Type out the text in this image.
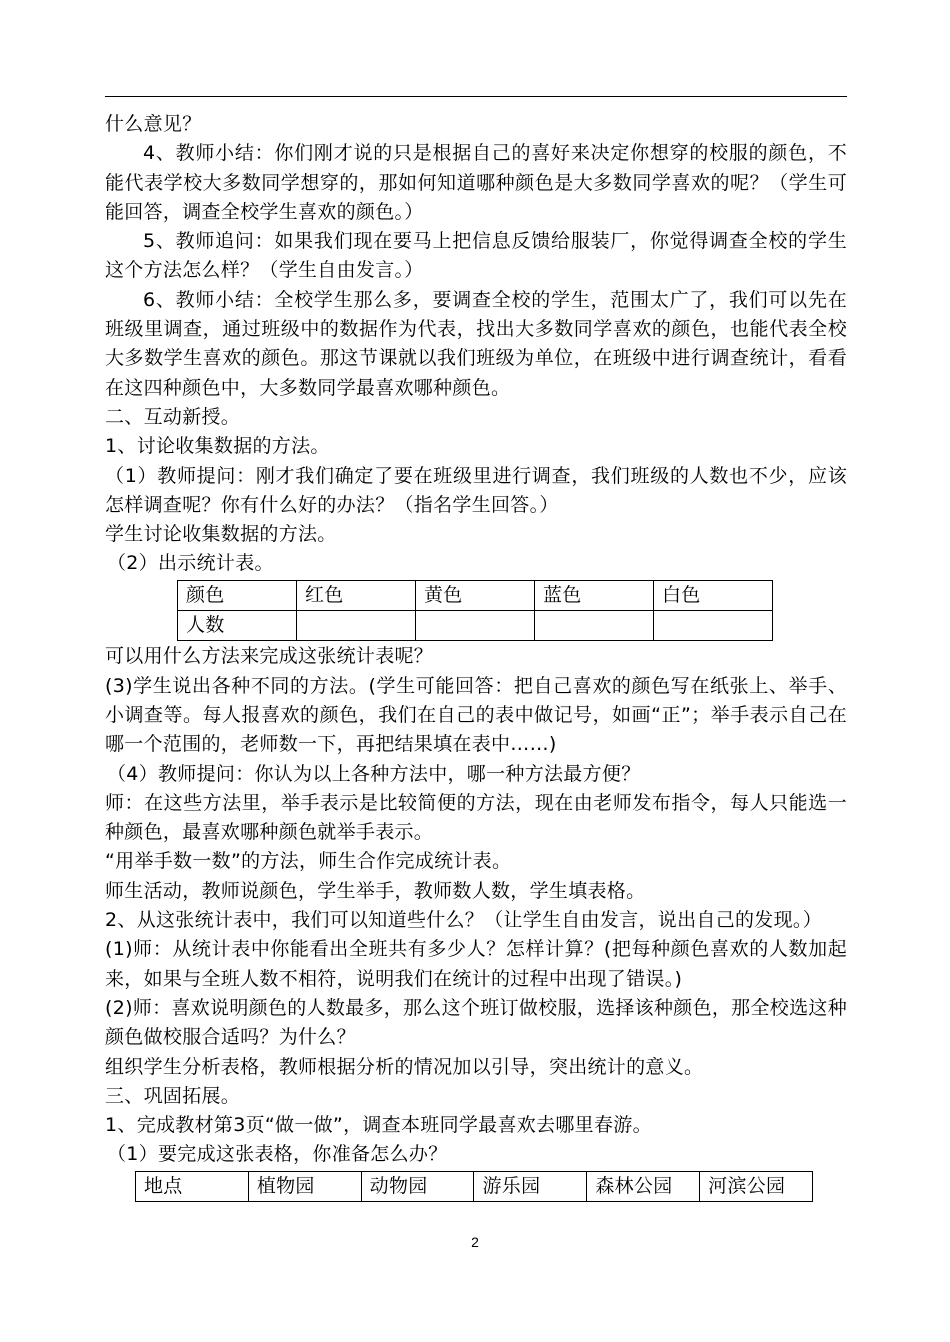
什么意见？

4、教师小结：你们刚才说的只是根据自己的喜好来决定你想穿的校服的颜色，不能代表学校大多数同学想穿的，那如何知道哪种颜色是大多数同学喜欢的呢？（学生可能回答，调查全校学生喜欢的颜色。）

5、教师追问：如果我们现在要马上把信息反馈给服装厂，你觉得调查全校的学生这个方法怎么样？（学生自由发言。）

6、教师小结：全校学生那么多，要调查全校的学生，范围太广了，我们可以先在班级里调查，通过班级中的数据作为代表，找出大多数同学喜欢的颜色，也能代表全校大多数学生喜欢的颜色。那这节课就以我们班级为单位，在班级中进行调查统计，看看在这四种颜色中，大多数同学最喜欢哪种颜色。

二、互动新授。

1、讨论收集数据的方法。

（1）教师提问：刚才我们确定了要在班级里进行调查，我们班级的人数也不少，应该怎样调查呢？你有什么好的办法？（指名学生回答。）

学生讨论收集数据的方法。

（2）出示统计表。

颜色	红色	黄色	蓝色	白色
人数				

可以用什么方法来完成这张统计表呢？

(3)学生说出各种不同的方法。(学生可能回答：把自己喜欢的颜色写在纸张上、举手、小调查等。每人报喜欢的颜色，我们在自己的表中做记号，如画“正”；举手表示自己在哪一个范围的，老师数一下，再把结果填在表中……)

（4）教师提问：你认为以上各种方法中，哪一种方法最方便？

师：在这些方法里，举手表示是比较简便的方法，现在由老师发布指令，每人只能选一种颜色，最喜欢哪种颜色就举手表示。

“用举手数一数”的方法，师生合作完成统计表。

师生活动，教师说颜色，学生举手，教师数人数，学生填表格。

2、从这张统计表中，我们可以知道些什么？（让学生自由发言，说出自己的发现。）

(1)师：从统计表中你能看出全班共有多少人？怎样计算？(把每种颜色喜欢的人数加起来，如果与全班人数不相符，说明我们在统计的过程中出现了错误。)

(2)师：喜欢说明颜色的人数最多，那么这个班订做校服，选择该种颜色，那全校选这种颜色做校服合适吗？为什么？

组织学生分析表格，教师根据分析的情况加以引导，突出统计的意义。

三、巩固拓展。

1、完成教材第3页“做一做”，调查本班同学最喜欢去哪里春游。

（1）要完成这张表格，你准备怎么办？

地点	植物园	动物园	游乐园	森林公园	河滨公园
2
